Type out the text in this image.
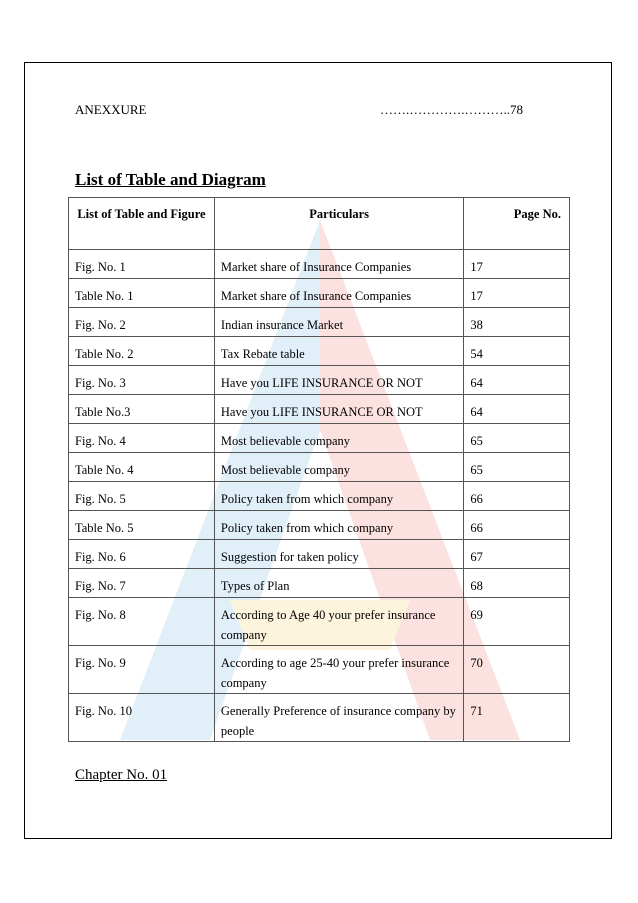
ANEXXURE	…….………….………..78
List of Table and Diagram
List of Table and Figure	Particulars	Page No.
Fig. No. 1	Market share of Insurance Companies	17
Table No. 1	Market share of Insurance Companies	17
Fig. No. 2	Indian insurance Market	38
Table No. 2	Tax Rebate table	54
Fig. No. 3	Have you LIFE INSURANCE OR NOT	64
Table No.3	Have you LIFE INSURANCE OR NOT	64
Fig. No. 4	Most believable company	65
Table No. 4	Most believable company	65
Fig. No. 5	Policy taken from which company	66
Table No. 5	Policy taken from which company	66
Fig. No. 6	Suggestion for taken policy	67
Fig. No. 7	Types of Plan	68
Fig. No. 8	According to Age 40 your prefer insurance company	69
Fig. No. 9	According to age 25-40 your prefer insurance company	70
Fig. No. 10	Generally Preference of insurance company by people	71
Chapter No. 01
